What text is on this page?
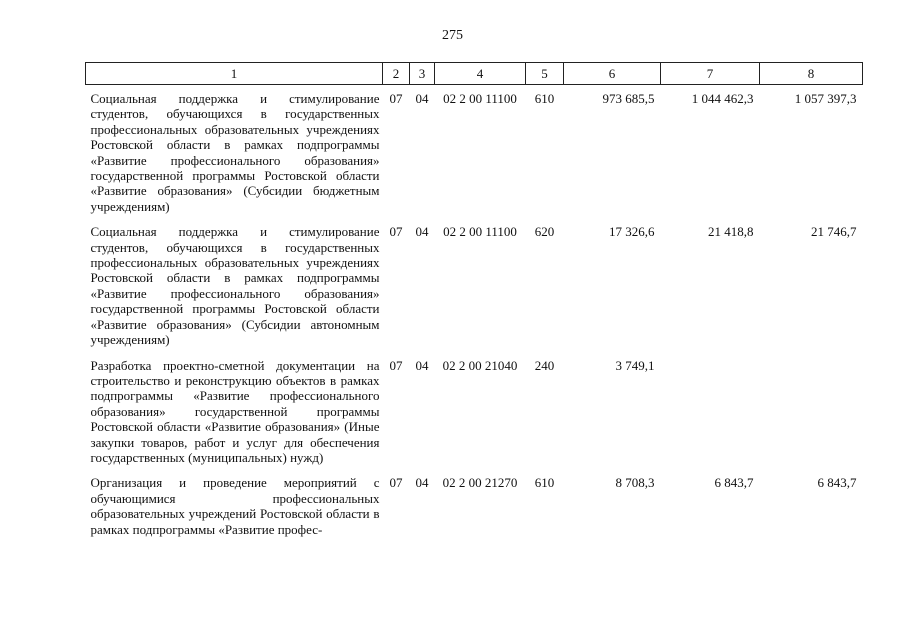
275
1	2	3	4	5	6	7	8
Социальная поддержка и стимулирование студентов, обучающихся в государственных профессиональных образовательных учреждениях Ростовской области в рамках подпрограммы «Развитие профессионального образования» государственной программы Ростовской области «Развитие образования» (Субсидии бюджетным учреждениям)	07	04	02 2 00 11100	610	973 685,5	1 044 462,3	1 057 397,3
Социальная поддержка и стимулирование студентов, обучающихся в государственных профессиональных образовательных учреждениях Ростовской области в рамках подпрограммы «Развитие профессионального образования» государственной программы Ростовской области «Развитие образования» (Субсидии автономным учреждениям)	07	04	02 2 00 11100	620	17 326,6	21 418,8	21 746,7
Разработка проектно-сметной документации на строительство и реконструкцию объектов в рамках подпрограммы «Развитие профессионального образования» государственной программы Ростовской области «Развитие образования» (Иные закупки товаров, работ и услуг для обеспечения государственных (муниципальных) нужд)	07	04	02 2 00 21040	240	3 749,1		
Организация и проведение мероприятий с обучающимися профессиональных образовательных учреждений Ростовской области в рамках подпрограммы «Развитие профес-	07	04	02 2 00 21270	610	8 708,3	6 843,7	6 843,7
